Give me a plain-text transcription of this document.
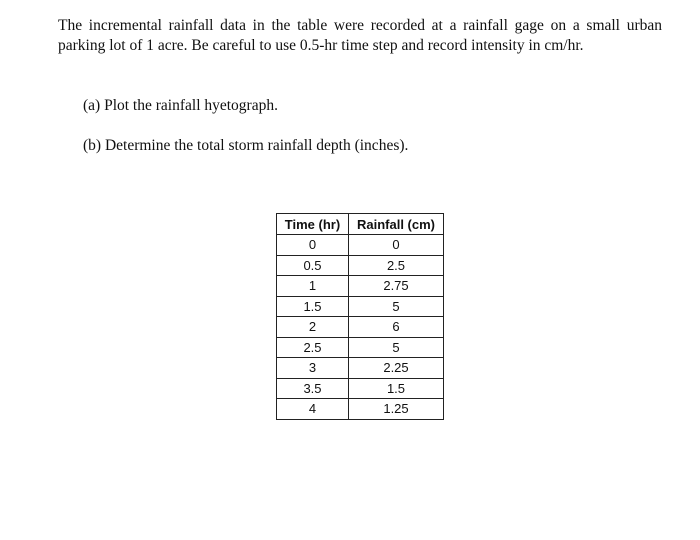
The incremental rainfall data in the table were recorded at a rainfall gage on a small urban parking lot of 1 acre. Be careful to use 0.5-hr time step and record intensity in cm/hr.

(a) Plot the rainfall hyetograph.

(b) Determine the total storm rainfall depth (inches).

Time (hr)	Rainfall (cm)
0	0
0.5	2.5
1	2.75
1.5	5
2	6
2.5	5
3	2.25
3.5	1.5
4	1.25
